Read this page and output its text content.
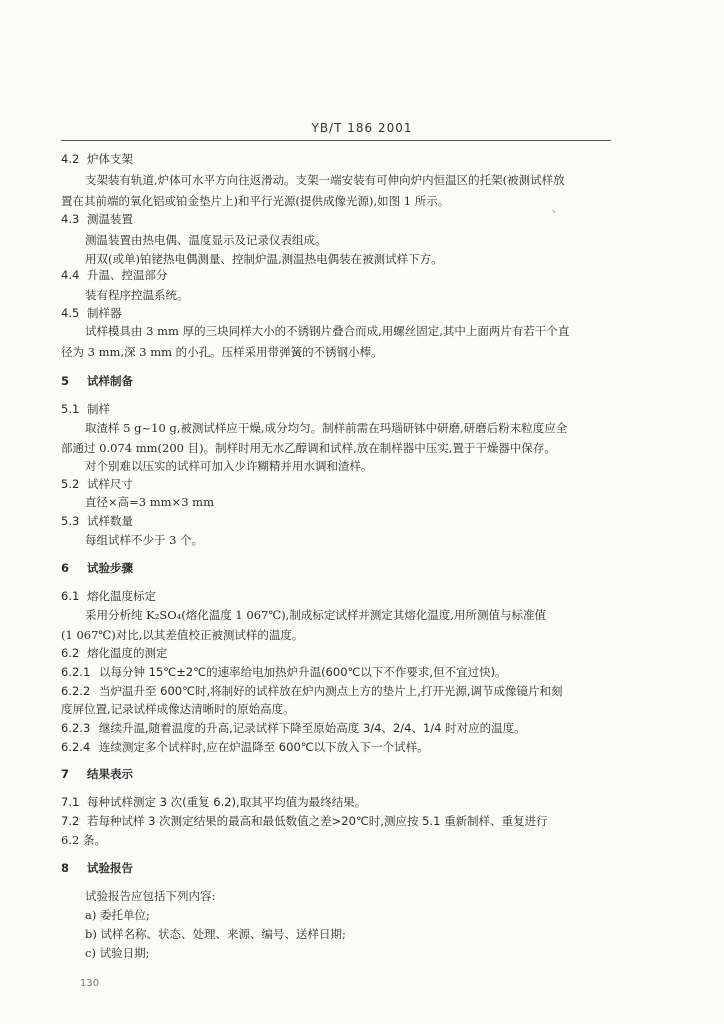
YB/T 186 2001
4.2 炉体支架
支架装有轨道,炉体可水平方向往返滑动。支架一端安装有可伸向炉内恒温区的托架(被测试样放
置在其前端的氧化铝或铂金垫片上)和平行光源(提供成像光源),如图 1 所示。
、
4.3 测温装置
测温装置由热电偶、温度显示及记录仪表组成。
用双(或单)铂铑热电偶测量、控制炉温,测温热电偶装在被测试样下方。
4.4 升温、控温部分
装有程序控温系统。
4.5 制样器
试样模具由 3 mm 厚的三块同样大小的不锈钢片叠合而成,用螺丝固定,其中上面两片有若干个直
径为 3 mm,深 3 mm 的小孔。压样采用带弹簧的不锈钢小棒。
5 试样制备
5.1 制样
取渣样 5 g~10 g,被测试样应干燥,成分均匀。制样前需在玛瑙研钵中研磨,研磨后粉末粒度应全
部通过 0.074 mm(200 目)。制样时用无水乙醇调和试样,放在制样器中压实,置于干燥器中保存。
对个别难以压实的试样可加入少许糊精并用水调和渣样。
5.2 试样尺寸
直径×高=3 mm×3 mm
5.3 试样数量
每组试样不少于 3 个。
6 试验步骤
6.1 熔化温度标定
采用分析纯 K₂SO₄(熔化温度 1 067℃),制成标定试样并测定其熔化温度,用所测值与标准值
(1 067℃)对比,以其差值校正被测试样的温度。
6.2 熔化温度的测定
6.2.1 以每分钟 15℃±2℃的速率给电加热炉升温(600℃以下不作要求,但不宜过快)。
6.2.2 当炉温升至 600℃时,将制好的试样放在炉内测点上方的垫片上,打开光源,调节成像镜片和刻
度屏位置,记录试样成像达清晰时的原始高度。
6.2.3 继续升温,随着温度的升高,记录试样下降至原始高度 3/4、2/4、1/4 时对应的温度。
6.2.4 连续测定多个试样时,应在炉温降至 600℃以下放入下一个试样。
7 结果表示
7.1 每种试样测定 3 次(重复 6.2),取其平均值为最终结果。
7.2 若每种试样 3 次测定结果的最高和最低数值之差>20℃时,测应按 5.1 重新制样、重复进行
6.2 条。
8 试验报告
试验报告应包括下列内容:
a) 委托单位;
b) 试样名称、状态、处理、来源、编号、送样日期;
c) 试验日期;
130
